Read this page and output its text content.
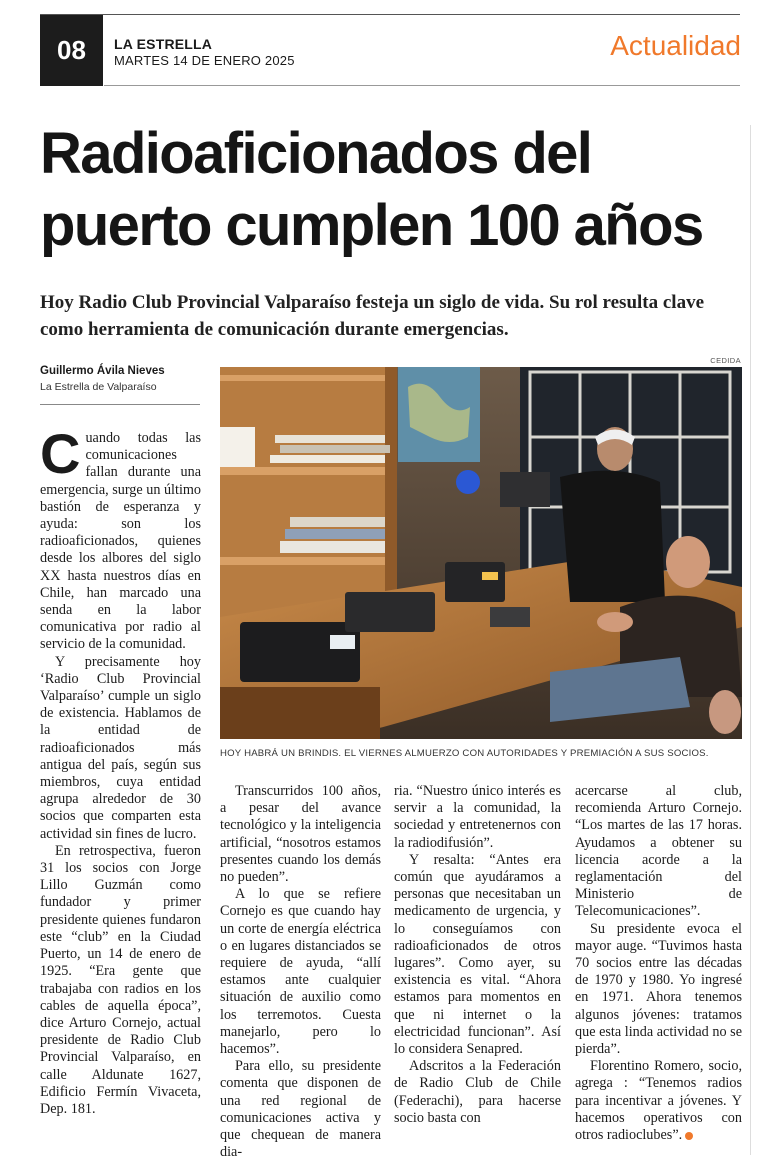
08	LA ESTRELLA
MARTES 14 DE ENERO 2025	Actualidad
Radioaficionados del
puerto cumplen 100 años

Hoy Radio Club Provincial Valparaíso festeja un siglo de vida. Su rol resulta clave como herramienta de comunicación durante emergencias.

Guillermo Ávila Nieves
La Estrella de Valparaíso
CEDIDA
HOY HABRÁ UN BRINDIS. EL VIERNES ALMUERZO CON AUTORIDADES Y PREMIACIÓN A SUS SOCIOS.

Cuando todas las comunicaciones fallan durante una emergencia, surge un último bastión de esperanza y ayuda: son los radioaficionados, quienes desde los albores del siglo XX hasta nuestros días en Chile, han marcado una senda en la labor comunicativa por radio al servicio de la comunidad.

Y precisamente hoy ‘Radio Club Provincial Valparaíso’ cumple un siglo de existencia. Hablamos de la entidad de radioaficionados más antigua del país, según sus miembros, cuya entidad agrupa alrededor de 30 socios que comparten esta actividad sin fines de lucro.

En retrospectiva, fueron 31 los socios con Jorge Lillo Guzmán como fundador y primer presidente quienes fundaron este “club” en la Ciudad Puerto, un 14 de enero de 1925. “Era gente que trabajaba con radios en los cables de aquella época”, dice Arturo Cornejo, actual presidente de Radio Club Provincial Valparaíso, en calle Aldunate 1627, Edificio Fermín Vivaceta, Dep. 181.

Transcurridos 100 años, a pesar del avance tecnológico y la inteligencia artificial, “nosotros estamos presentes cuando los demás no pueden”.

A lo que se refiere Cornejo es que cuando hay un corte de energía eléctrica o en lugares distanciados se requiere de ayuda, “allí estamos ante cualquier situación de auxilio como los terremotos. Cuesta manejarlo, pero lo hacemos”.

Para ello, su presidente comenta que disponen de una red regional de comunicaciones activa y que chequean de manera dia-

ria. “Nuestro único interés es servir a la comunidad, la sociedad y entretenernos con la radiodifusión”.

Y resalta: “Antes era común que ayudáramos a personas que necesitaban un medicamento de urgencia, y lo conseguíamos con radioaficionados de otros lugares”. Como ayer, su existencia es vital. “Ahora estamos para momentos en que ni internet o la electricidad funcionan”. Así lo considera Senapred.

Adscritos a la Federación de Radio Club de Chile (Federachi), para hacerse socio basta con

acercarse al club, recomienda Arturo Cornejo. “Los martes de las 17 horas. Ayudamos a obtener su licencia acorde a la reglamentación del Ministerio de Telecomunicaciones”.

Su presidente evoca el mayor auge. “Tuvimos hasta 70 socios entre las décadas de 1970 y 1980. Yo ingresé en 1971. Ahora tenemos algunos jóvenes: tratamos que esta linda actividad no se pierda”.

Florentino Romero, socio, agrega : “Tenemos radios para incentivar a jóvenes. Y hacemos operativos con otros radioclubes”.
